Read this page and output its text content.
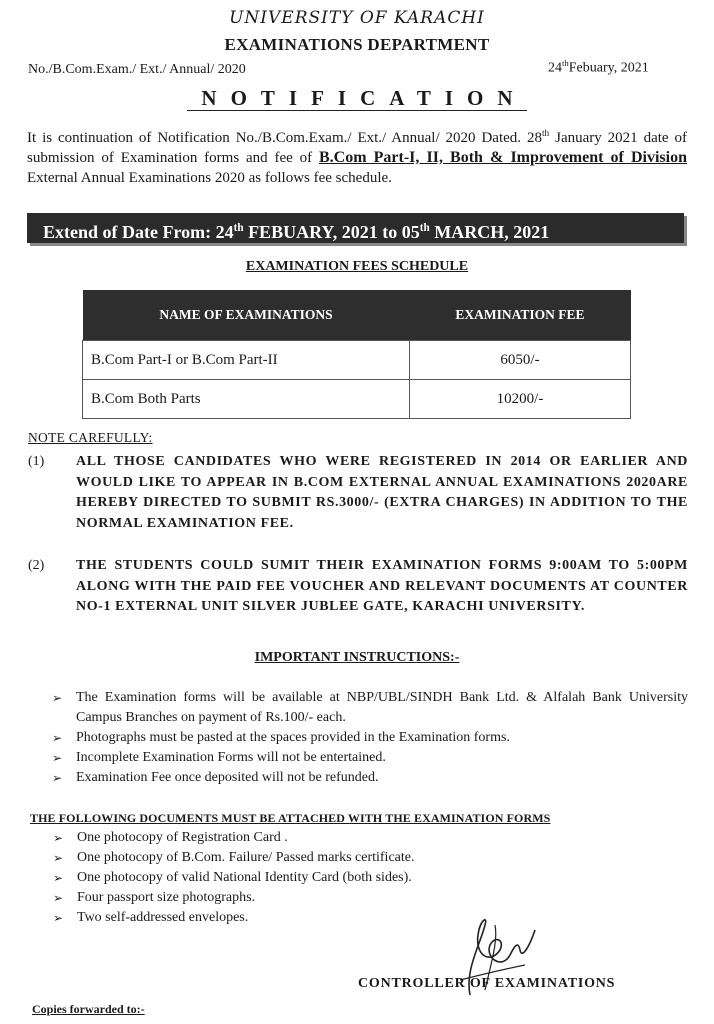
UNIVERSITY OF KARACHI
EXAMINATIONS DEPARTMENT
No./B.Com.Exam./ Ext./ Annual/ 2020	24thFebuary, 2021
NOTIFICATION
It is continuation of Notification No./B.Com.Exam./ Ext./ Annual/ 2020 Dated. 28th January 2021 date of submission of Examination forms and fee of B.Com Part-I, II, Both & Improvement of Division External Annual Examinations 2020 as follows fee schedule.
Extend of Date From: 24th FEBUARY, 2021 to 05th MARCH, 2021
EXAMINATION FEES SCHEDULE
NAME OF EXAMINATIONS	EXAMINATION FEE
B.Com Part-I or B.Com Part-II	6050/-
B.Com Both Parts	10200/-
NOTE CAREFULLY:
(1) ALL THOSE CANDIDATES WHO WERE REGISTERED IN 2014 OR EARLIER AND WOULD LIKE TO APPEAR IN B.COM EXTERNAL ANNUAL EXAMINATIONS 2020ARE HEREBY DIRECTED TO SUBMIT RS.3000/- (EXTRA CHARGES) IN ADDITION TO THE NORMAL EXAMINATION FEE.
(2) THE STUDENTS COULD SUMIT THEIR EXAMINATION FORMS 9:00AM TO 5:00PM ALONG WITH THE PAID FEE VOUCHER AND RELEVANT DOCUMENTS AT COUNTER NO-1 EXTERNAL UNIT SILVER JUBLEE GATE, KARACHI UNIVERSITY.
IMPORTANT INSTRUCTIONS:-
➢ The Examination forms will be available at NBP/UBL/SINDH Bank Ltd. & Alfalah Bank University Campus Branches on payment of Rs.100/- each.
➢ Photographs must be pasted at the spaces provided in the Examination forms.
➢ Incomplete Examination Forms will not be entertained.
➢ Examination Fee once deposited will not be refunded.
THE FOLLOWING DOCUMENTS MUST BE ATTACHED WITH THE EXAMINATION FORMS
➢ One photocopy of Registration Card .
➢ One photocopy of B.Com. Failure/ Passed marks certificate.
➢ One photocopy of valid National Identity Card (both sides).
➢ Four passport size photographs.
➢ Two self-addressed envelopes.
CONTROLLER OF EXAMINATIONS
Copies forwarded to:-
